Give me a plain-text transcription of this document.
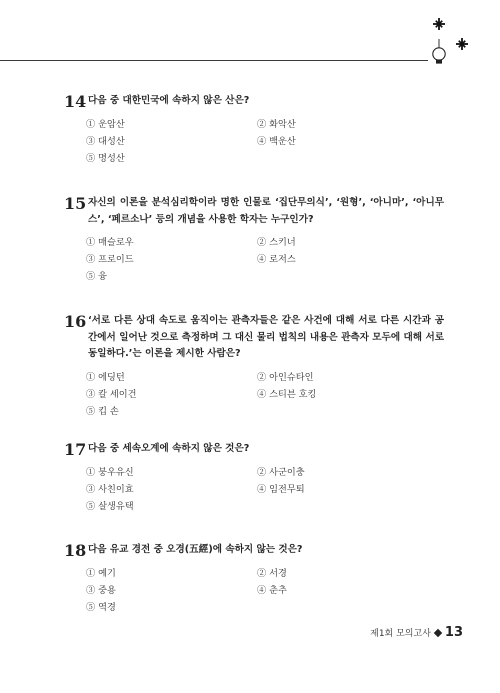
14 다음 중 대한민국에 속하지 않은 산은?
① 운암산	② 화악산
③ 대성산	④ 백운산
⑤ 명성산
15 자신의 이론을 분석심리학이라 명한 인물로 ‘집단무의식’, ‘원형’, ‘아니마’, ‘아니무스’, ‘페르소나’ 등의 개념을 사용한 학자는 누구인가?
① 매슬로우	② 스키너
③ 프로이드	④ 로저스
⑤ 융
16 ‘서로 다른 상대 속도로 움직이는 관측자들은 같은 사건에 대해 서로 다른 시간과 공간에서 일어난 것으로 측정하며 그 대신 물리 법칙의 내용은 관측자 모두에 대해 서로 동일하다.’는 이론을 제시한 사람은?
① 에딩턴	② 아인슈타인
③ 칼 세이건	④ 스티븐 호킹
⑤ 킵 손
17 다음 중 세속오계에 속하지 않은 것은?
① 붕우유신	② 사군이충
③ 사친이효	④ 임전무퇴
⑤ 살생유택
18 다음 유교 경전 중 오경(五經)에 속하지 않는 것은?
① 예기	② 서경
③ 중용	④ 춘추
⑤ 역경
제1회 모의고사 13
